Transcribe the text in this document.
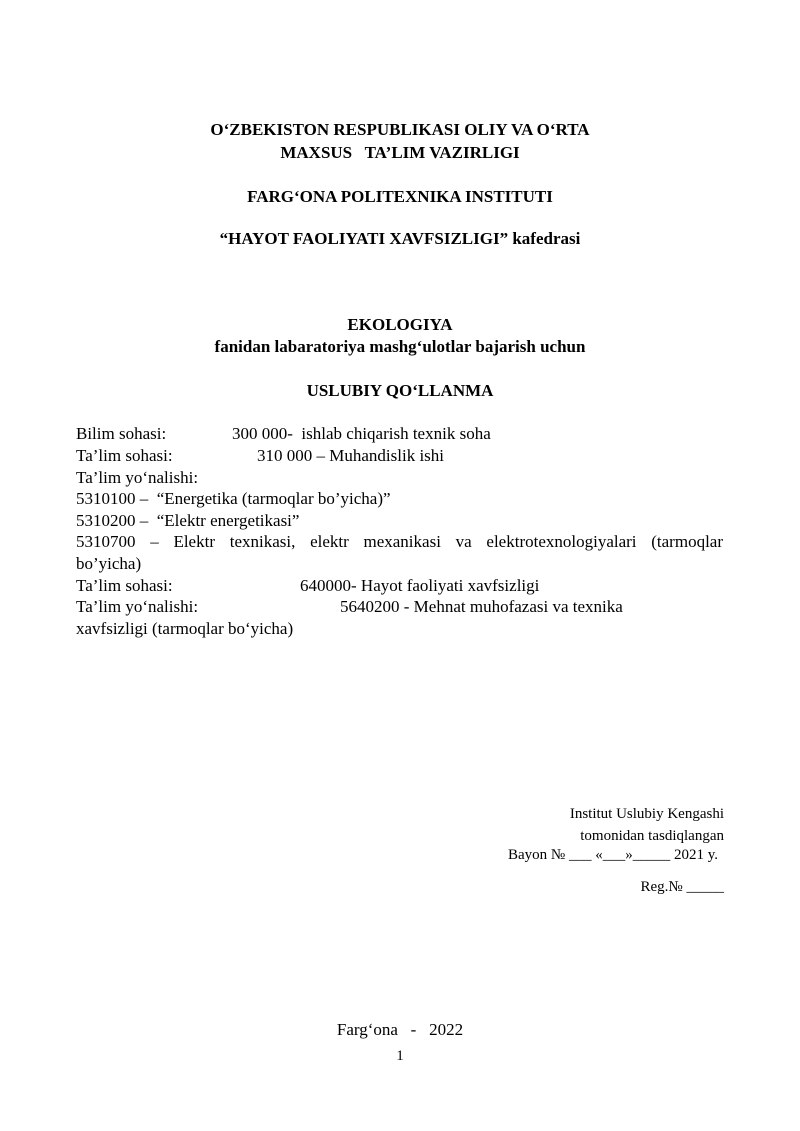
O‘ZBEKISTON RESPUBLIKASI OLIY VA O‘RTA
MAXSUS   TA’LIM VAZIRLIGI
FARG‘ONA POLITEXNIKA INSTITUTI
“HAYOT FAOLIYATI XAVFSIZLIGI” kafedrasi
EKOLOGIYA
fanidan labaratoriya mashg‘ulotlar bajarish uchun
USLUBIY QO‘LLANMA
Bilim sohasi:	300 000-  ishlab chiqarish texnik soha
Ta’lim sohasi:	310 000 – Muhandislik ishi
Ta’lim yo‘nalishi:
5310100 –  “Energetika (tarmoqlar bo’yicha)”
5310200 –  “Elektr energetikasi”
5310700 – Elektr texnikasi, elektr mexanikasi va elektrotexnologiyalari (tarmoqlar
bo’yicha)
Ta’lim sohasi:	640000- Hayot faoliyati xavfsizligi
Ta’lim yo‘nalishi:	5640200 - Mehnat muhofazasi va texnika
xavfsizligi (tarmoqlar bo‘yicha)
Institut Uslubiy Kengashi
tomonidan tasdiqlangan
Bayon № ___ «___»_____ 2021 y.
Reg.№ _____
Farg‘ona   -   2022
1
